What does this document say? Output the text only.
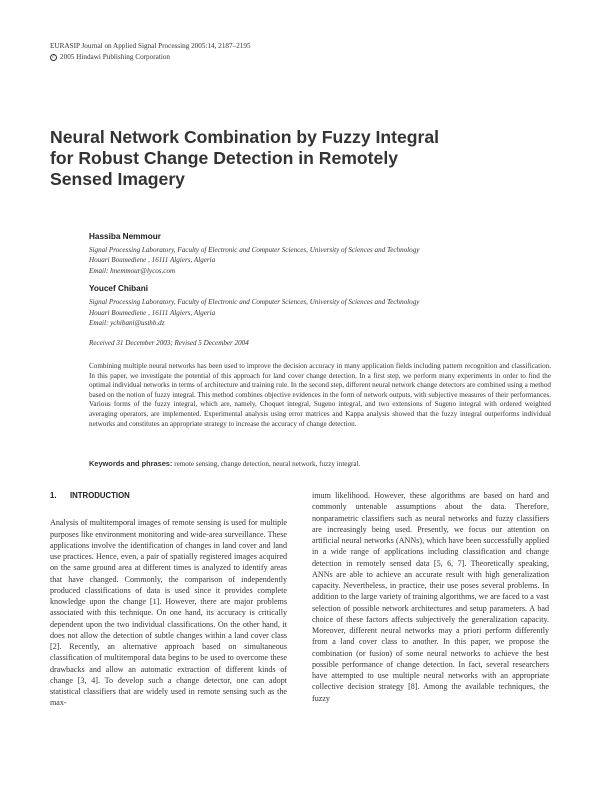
EURASIP Journal on Applied Signal Processing 2005:14, 2187–2195
c 2005 Hindawi Publishing Corporation
Neural Network Combination by Fuzzy Integral
for Robust Change Detection in Remotely
Sensed Imagery
Hassiba Nemmour
Signal Processing Laboratory, Faculty of Electronic and Computer Sciences, University of Sciences and Technology
Houari Boumediene , 16111 Algiers, Algeria
Email: hnemmour@lycos.com
Youcef Chibani
Signal Processing Laboratory, Faculty of Electronic and Computer Sciences, University of Sciences and Technology
Houari Boumediene , 16111 Algiers, Algeria
Email: ychibani@usthb.dz
Received 31 December 2003; Revised 5 December 2004
Combining multiple neural networks has been used to improve the decision accuracy in many application fields including pattern recognition and classification. In this paper, we investigate the potential of this approach for land cover change detection. In a first step, we perform many experiments in order to find the optimal individual networks in terms of architecture and training rule. In the second step, different neural network change detectors are combined using a method based on the notion of fuzzy integral. This method combines objective evidences in the form of network outputs, with subjective measures of their performances. Various forms of the fuzzy integral, which are, namely, Choquet integral, Sugeno integral, and two extensions of Sugeno integral with ordered weighted averaging operators, are implemented. Experimental analysis using error matrices and Kappa analysis showed that the fuzzy integral outperforms individual networks and constitutes an appropriate strategy to increase the accuracy of change detection.
Keywords and phrases: remote sensing, change detection, neural network, fuzzy integral.
1. INTRODUCTION
Analysis of multitemporal images of remote sensing is used for multiple purposes like environment monitoring and wide-area surveillance. These applications involve the identification of changes in land cover and land use practices. Hence, even, a pair of spatially registered images acquired on the same ground area at different times is analyzed to identify areas that have changed. Commonly, the comparison of independently produced classifications of data is used since it provides complete knowledge upon the change [1]. However, there are major problems associated with this technique. On one hand, its accuracy is critically dependent upon the two individual classifications. On the other hand, it does not allow the detection of subtle changes within a land cover class [2]. Recently, an alternative approach based on simultaneous classification of multitemporal data begins to be used to overcome these drawbacks and allow an automatic extraction of different kinds of change [3, 4]. To develop such a change detector, one can adopt statistical classifiers that are widely used in remote sensing such as the max-
imum likelihood. However, these algorithms are based on hard and commonly untenable assumptions about the data. Therefore, nonparametric classifiers such as neural networks and fuzzy classifiers are increasingly being used. Presently, we focus our attention on artificial neural networks (ANNs), which have been successfully applied in a wide range of applications including classification and change detection in remotely sensed data [5, 6, 7]. Theoretically speaking, ANNs are able to achieve an accurate result with high generalization capacity. Nevertheless, in practice, their use poses several problems. In addition to the large variety of training algorithms, we are faced to a vast selection of possible network architectures and setup parameters. A bad choice of these factors affects subjectively the generalization capacity. Moreover, different neural networks may a priori perform differently from a land cover class to another. In this paper, we propose the combination (or fusion) of some neural networks to achieve the best possible performance of change detection. In fact, several researchers have attempted to use multiple neural networks with an appropriate collective decision strategy [8]. Among the available techniques, the fuzzy
